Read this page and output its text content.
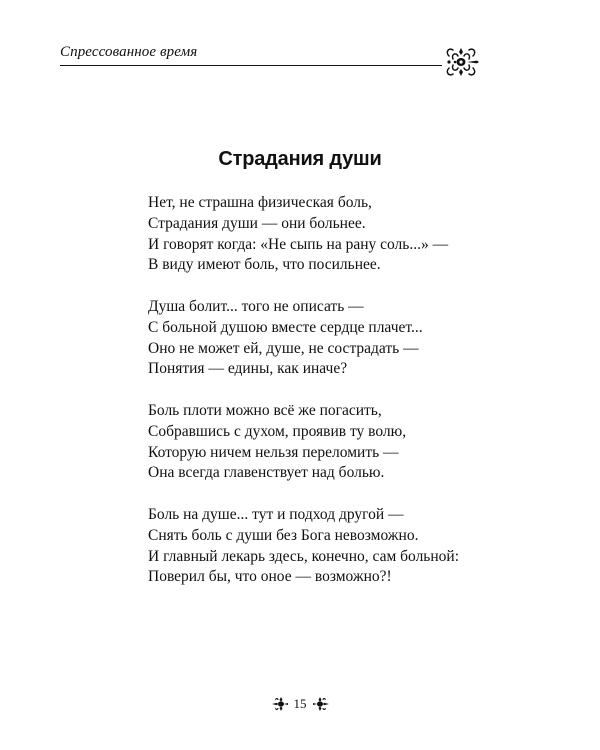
Спрессованное время
Страдания души
Нет, не страшна физическая боль,
Страдания души — они больнее.
И говорят когда: «Не сыпь на рану соль...» —
В виду имеют боль, что посильнее.
Душа болит... того не описать —
С больной душою вместе сердце плачет...
Оно не может ей, душе, не сострадать —
Понятия — едины, как иначе?
Боль плоти можно всё же погасить,
Собравшись с духом, проявив ту волю,
Которую ничем нельзя переломить —
Она всегда главенствует над болью.
Боль на душе... тут и подход другой —
Снять боль с души без Бога невозможно.
И главный лекарь здесь, конечно, сам больной:
Поверил бы, что оное — возможно?!
15
